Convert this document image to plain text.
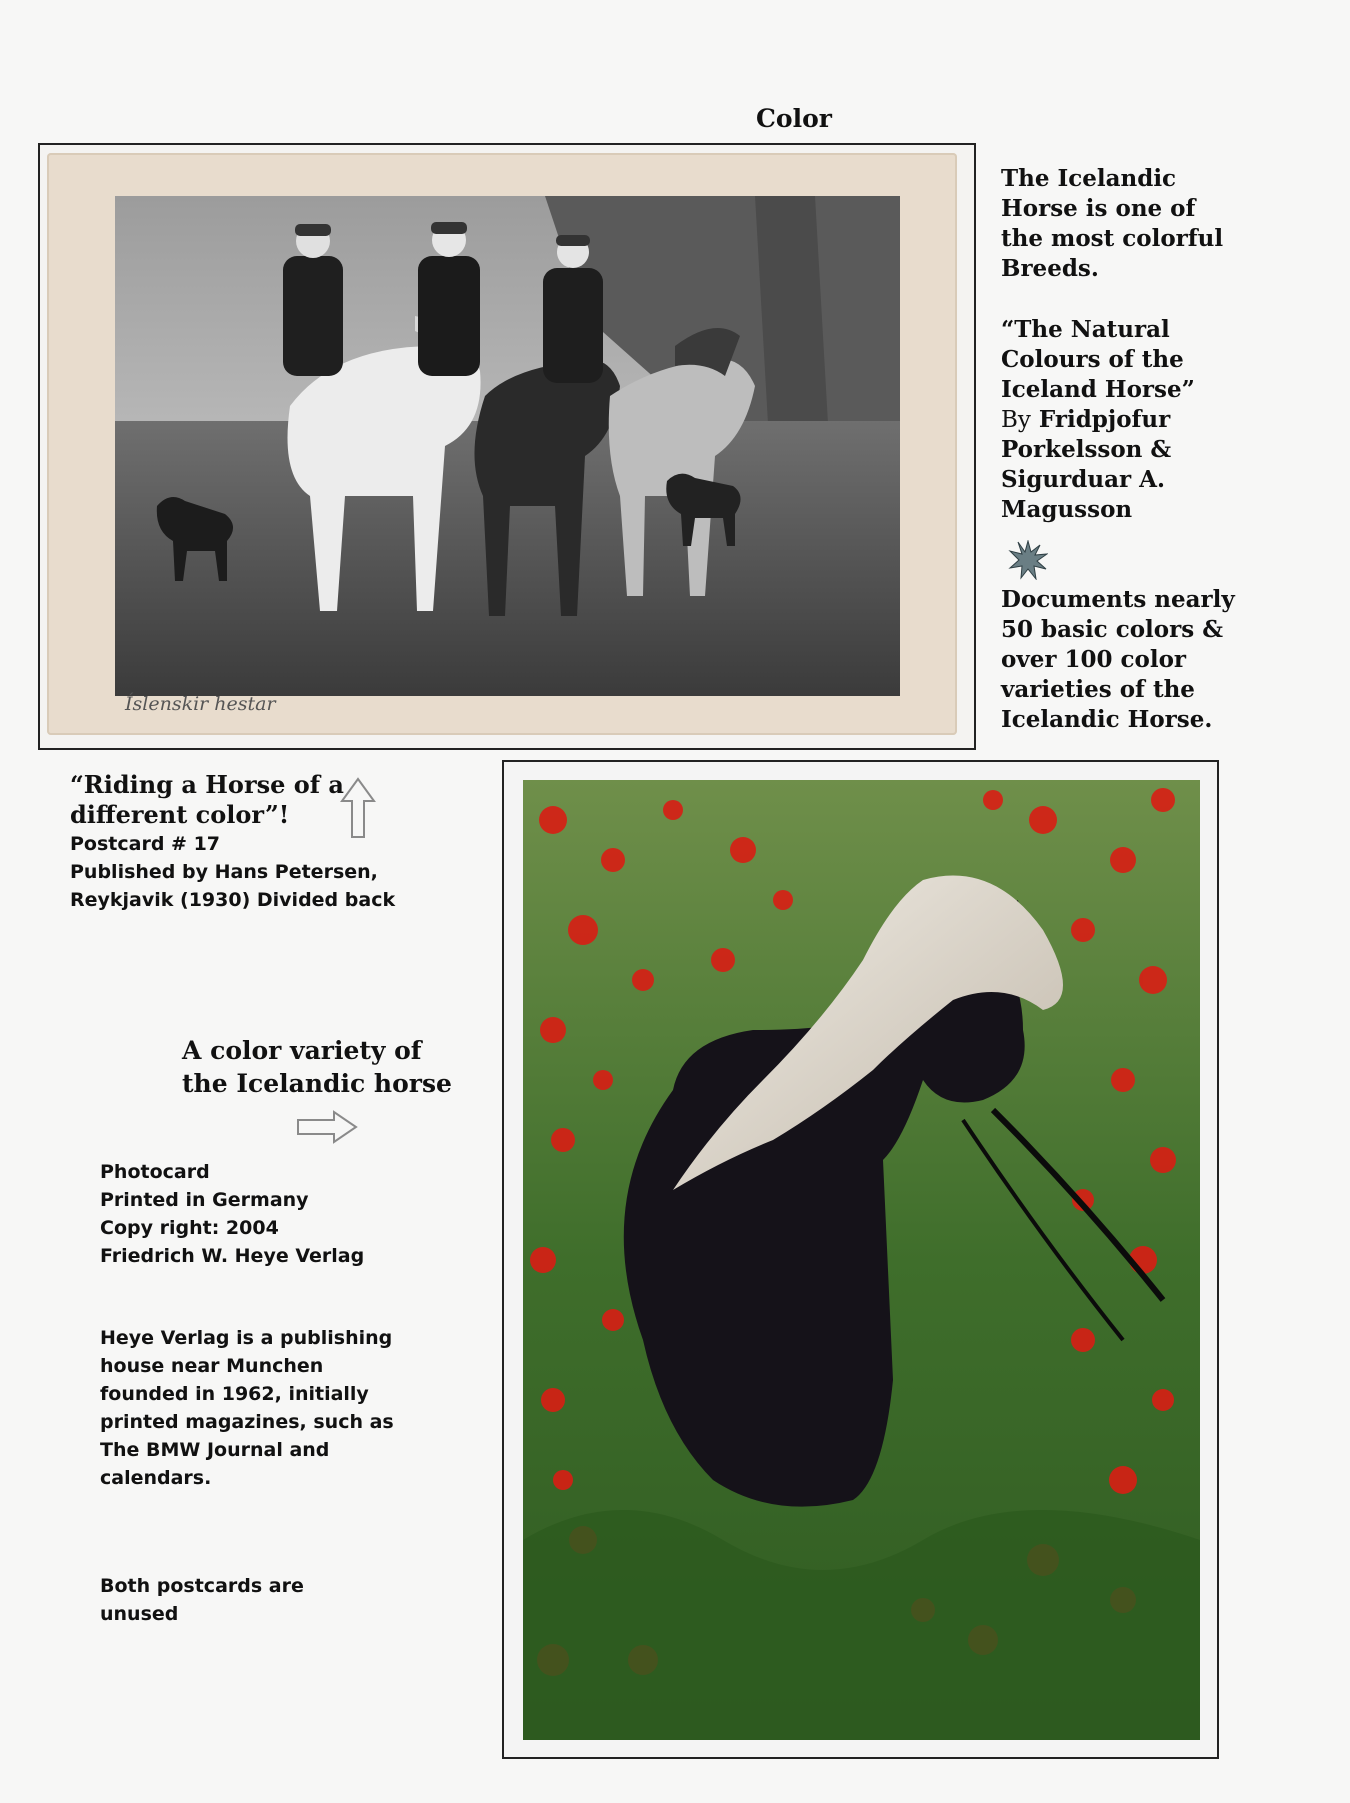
Color
Íslenskir hestar
The Icelandic
Horse is one of
the most colorful
Breeds.
“The Natural
Colours of the
Iceland Horse”
By Fridpjofur
Porkelsson &
Sigurduar A.
Magusson
Documents nearly
50 basic colors &
over 100 color
varieties of the
Icelandic Horse.
“Riding a Horse of a
different color”!
Postcard # 17
Published by Hans Petersen,
Reykjavik (1930) Divided back
A color variety of
the Icelandic horse
Photocard
Printed in Germany
Copy right: 2004
Friedrich W. Heye Verlag
Heye Verlag is a publishing
house near Munchen
founded in 1962, initially
printed magazines, such as
The BMW Journal and
calendars.
Both postcards are
unused
